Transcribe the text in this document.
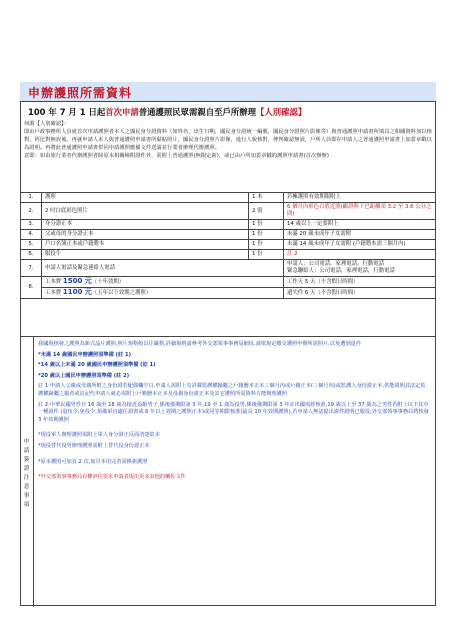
申辦護照所需資料
100 年 7 月 1 日起首次申請普通護照民眾需親自至戶所辦理【人別確認】
何謂【人別確認】：
即由戶政事務所人員就首次申請護照者本人之國民身分證資料（如姓名，出生日期，國民身分證統一編號，國民身分證照片影像等）與普通護照申請書所填具之相關資料加以核對，經比對無誤後，再就申請人本人與普通護照申請書所黏貼照片，國民身分證照片影像，進行人貌核對，俾判確認無誤，戶所人員即在申請人之普通護照申請書上加蓋章戳以為證明。再將此普通護照申請書併同申請護照應備文件送請並行業者辦理代辦護照。
意即：如由旅行業者代辦護照者除原本相關檢附證件外，需附上普通護照(無限定新)，或已由戶所加蓋章戳的護照申請書(首次辦辦)
1.	護照	1 本	若擁護照有效期限附上
2.	2 吋白底彩色照片	2 張	6 個月內彩色白底近照(顧證與下巴距離須 3.2 至 3.6 公分之間)
3.	身分證正本	1 份	14 歲以上一定要附上
4.	父或母的身分證正本	1 份	未滿 20 歲未成年子女需附
5.	戶口名簿正本或戶籍謄本	1 份	未滿 14 歲未成年子女需附 (戶籍謄本需三個月內)
6.	服役牛	1 份	註 2
7.	申請人電話及緊急連絡人電話		申請人：公司電話，家裡電話，行動電話
緊急聯絡人：公司電話，家裡電話，行動電話

8.	工本費 1500 元（十年效期）		工作天 5 天（不含假日時間）
	工本費 1100 元（五年以下效期之護照）		遺失件 6 天（不含假日時間）
申
請
簽
證
注
意
事
項
我國現核發之護照為新式晶片護照,照片規格較以往嚴格,詳細規格請參考外交部領事事務局網址,請依規定繳交護照申辦所需照片,以免遭到退件
*未滿 14 歲國民申辦護照須準備 (註 1)
*14 歲以上未滿 20 歲國民申辦護照須準備 (註 1)
*20 歲以上國民申辦護照須準備 (註 2)
註 1:申請人父親或母親所附之身份證若配偶欄空白,申請人需附上有詳載監護權歸屬之戶籍謄本正本三個月內或戶籍正本(三個月內)或監護人身份證正本,供能證明其法定監護權歸屬之親者或註記代申請人就必需附上戶籍謄本正本及母親身份證正本及其它護照所需資料方能辦理護照
註 2:中華民國男性自 16 歲至 18 歲為接近役齡男子,係後備期限第 3 年,19 至 1 歲為役男,係後備期限第 3 年註出國需經核准,19 歲以上至 37 歲為之男性若附上以下其中一種證件 (退伍令,免役令,預備軍官適任證書或 6 年以上效期之護照正本)或同等期限核准(最長 10 年效期護照),若申請人無法提出證件證明已服役,外交部領事事務局將核發 3 年效期護照
*現役軍人辦理護照需附上軍人身分證正反面清楚影本
*現役替代役男辦理護照需附上替代役身份證正本
*原本護照可加貢 2 次,加頁本用完者需換新護照
*外交部領事事務局有權評估要求申請者提出更多其他的輔佐文件
